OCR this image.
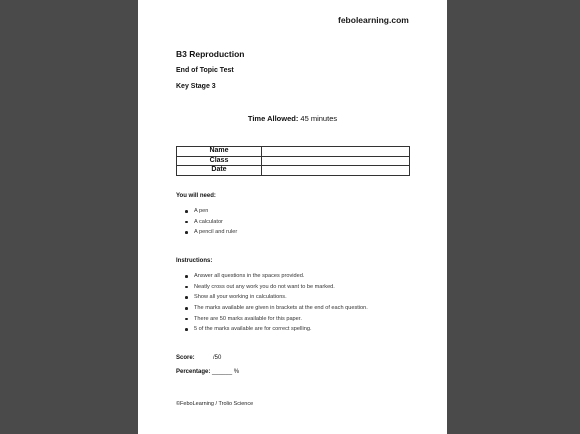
febolearning.com
B3 Reproduction
End of Topic Test
Key Stage 3
Time Allowed: 45 minutes
Name	
Class	
Date	
You will need:
A pen
A calculator
A pencil and ruler
Instructions:
Answer all questions in the spaces provided.
Neatly cross out any work you do not want to be marked.
Show all your working in calculations.
The marks available are given in brackets at the end of each question.
There are 50 marks available for this paper.
5 of the marks available are for correct spelling.
Score:	/50
Percentage: ______ %
©FeboLearning / Trolio Science
